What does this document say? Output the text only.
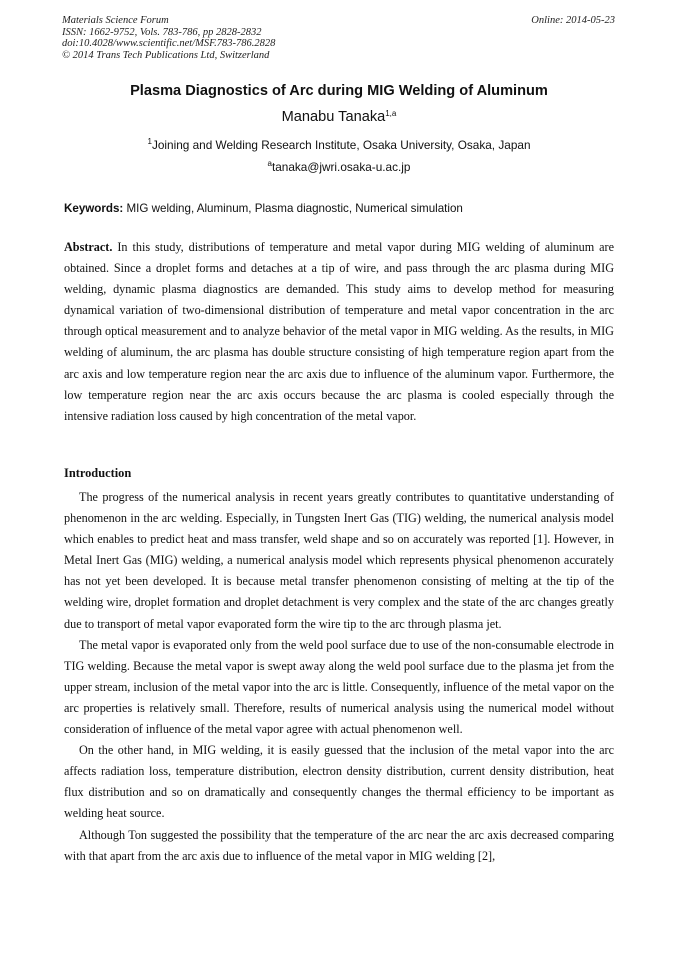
Materials Science Forum
ISSN: 1662-9752, Vols. 783-786, pp 2828-2832
doi:10.4028/www.scientific.net/MSF.783-786.2828
© 2014 Trans Tech Publications Ltd, Switzerland
Online: 2014-05-23
Plasma Diagnostics of Arc during MIG Welding of Aluminum
Manabu Tanaka$^{1,a}$
$^1$Joining and Welding Research Institute, Osaka University, Osaka, Japan
$^a$tanaka@jwri.osaka-u.ac.jp
Keywords: MIG welding, Aluminum, Plasma diagnostic, Numerical simulation

Abstract. In this study, distributions of temperature and metal vapor during MIG welding of aluminum are obtained. Since a droplet forms and detaches at a tip of wire, and pass through the arc plasma during MIG welding, dynamic plasma diagnostics are demanded. This study aims to develop method for measuring dynamical variation of two-dimensional distribution of temperature and metal vapor concentration in the arc through optical measurement and to analyze behavior of the metal vapor in MIG welding. As the results, in MIG welding of aluminum, the arc plasma has double structure consisting of high temperature region apart from the arc axis and low temperature region near the arc axis due to influence of the aluminum vapor. Furthermore, the low temperature region near the arc axis occurs because the arc plasma is cooled especially through the intensive radiation loss caused by high concentration of the metal vapor.

Introduction

The progress of the numerical analysis in recent years greatly contributes to quantitative understanding of phenomenon in the arc welding. Especially, in Tungsten Inert Gas (TIG) welding, the numerical analysis model which enables to predict heat and mass transfer, weld shape and so on accurately was reported [1]. However, in Metal Inert Gas (MIG) welding, a numerical analysis model which represents physical phenomenon accurately has not yet been developed. It is because metal transfer phenomenon consisting of melting at the tip of the welding wire, droplet formation and droplet detachment is very complex and the state of the arc changes greatly due to transport of metal vapor evaporated form the wire tip to the arc through plasma jet.

The metal vapor is evaporated only from the weld pool surface due to use of the non-consumable electrode in TIG welding. Because the metal vapor is swept away along the weld pool surface due to the plasma jet from the upper stream, inclusion of the metal vapor into the arc is little. Consequently, influence of the metal vapor on the arc properties is relatively small. Therefore, results of numerical analysis using the numerical model without consideration of influence of the metal vapor agree with actual phenomenon well.

On the other hand, in MIG welding, it is easily guessed that the inclusion of the metal vapor into the arc affects radiation loss, temperature distribution, electron density distribution, current density distribution, heat flux distribution and so on dramatically and consequently changes the thermal efficiency to be important as welding heat source.

Although Ton suggested the possibility that the temperature of the arc near the arc axis decreased comparing with that apart from the arc axis due to influence of the metal vapor in MIG welding [2],
